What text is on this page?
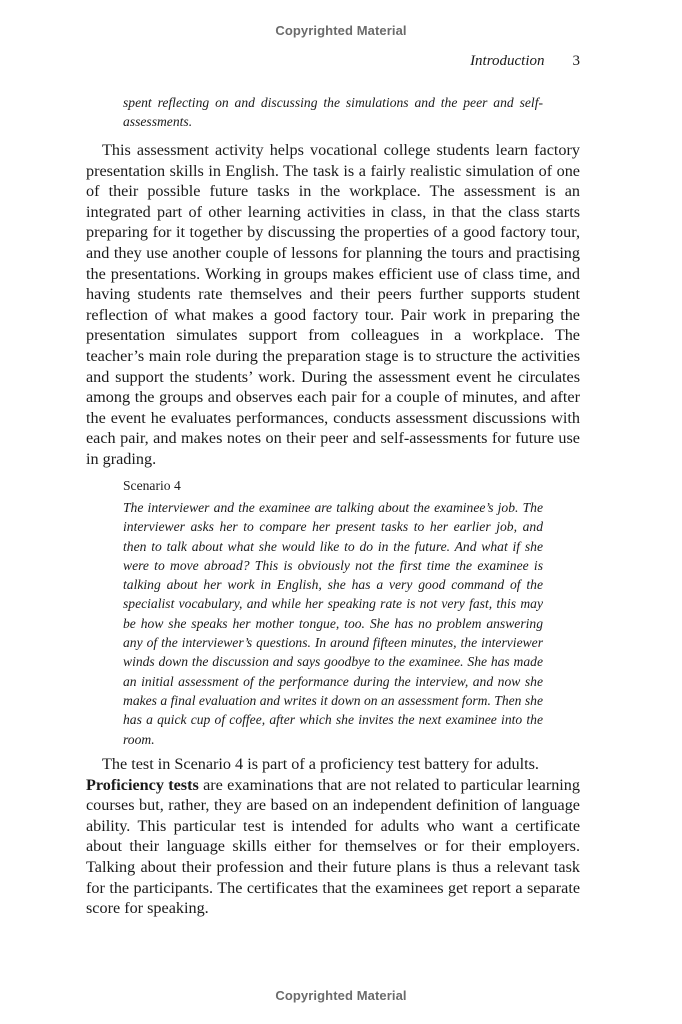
Copyrighted Material
Introduction 3

spent reflecting on and discussing the simulations and the peer and self-assessments.

This assessment activity helps vocational college students learn factory presentation skills in English. The task is a fairly realistic simulation of one of their possible future tasks in the workplace. The assessment is an integrated part of other learning activities in class, in that the class starts preparing for it together by discussing the properties of a good factory tour, and they use another couple of lessons for planning the tours and practising the presentations. Working in groups makes efficient use of class time, and having students rate themselves and their peers further supports student reflection of what makes a good factory tour. Pair work in preparing the presentation simulates support from colleagues in a workplace. The teacher’s main role during the preparation stage is to structure the activities and support the students’ work. During the assessment event he circulates among the groups and observes each pair for a couple of minutes, and after the event he evaluates performances, conducts assessment discussions with each pair, and makes notes on their peer and self-assessments for future use in grading.

Scenario 4

The interviewer and the examinee are talking about the examinee’s job. The interviewer asks her to compare her present tasks to her earlier job, and then to talk about what she would like to do in the future. And what if she were to move abroad? This is obviously not the first time the examinee is talking about her work in English, she has a very good command of the specialist vocabulary, and while her speaking rate is not very fast, this may be how she speaks her mother tongue, too. She has no problem answering any of the interviewer’s questions. In around fifteen minutes, the interviewer winds down the discussion and says goodbye to the examinee. She has made an initial assessment of the performance during the interview, and now she makes a final evaluation and writes it down on an assessment form. Then she has a quick cup of coffee, after which she invites the next examinee into the room.

The test in Scenario 4 is part of a proficiency test battery for adults.
Proficiency tests are examinations that are not related to particular learning courses but, rather, they are based on an independent definition of language ability. This particular test is intended for adults who want a certificate about their language skills either for themselves or for their employers. Talking about their profession and their future plans is thus a relevant task for the participants. The certificates that the examinees get report a separate score for speaking.

Copyrighted Material
